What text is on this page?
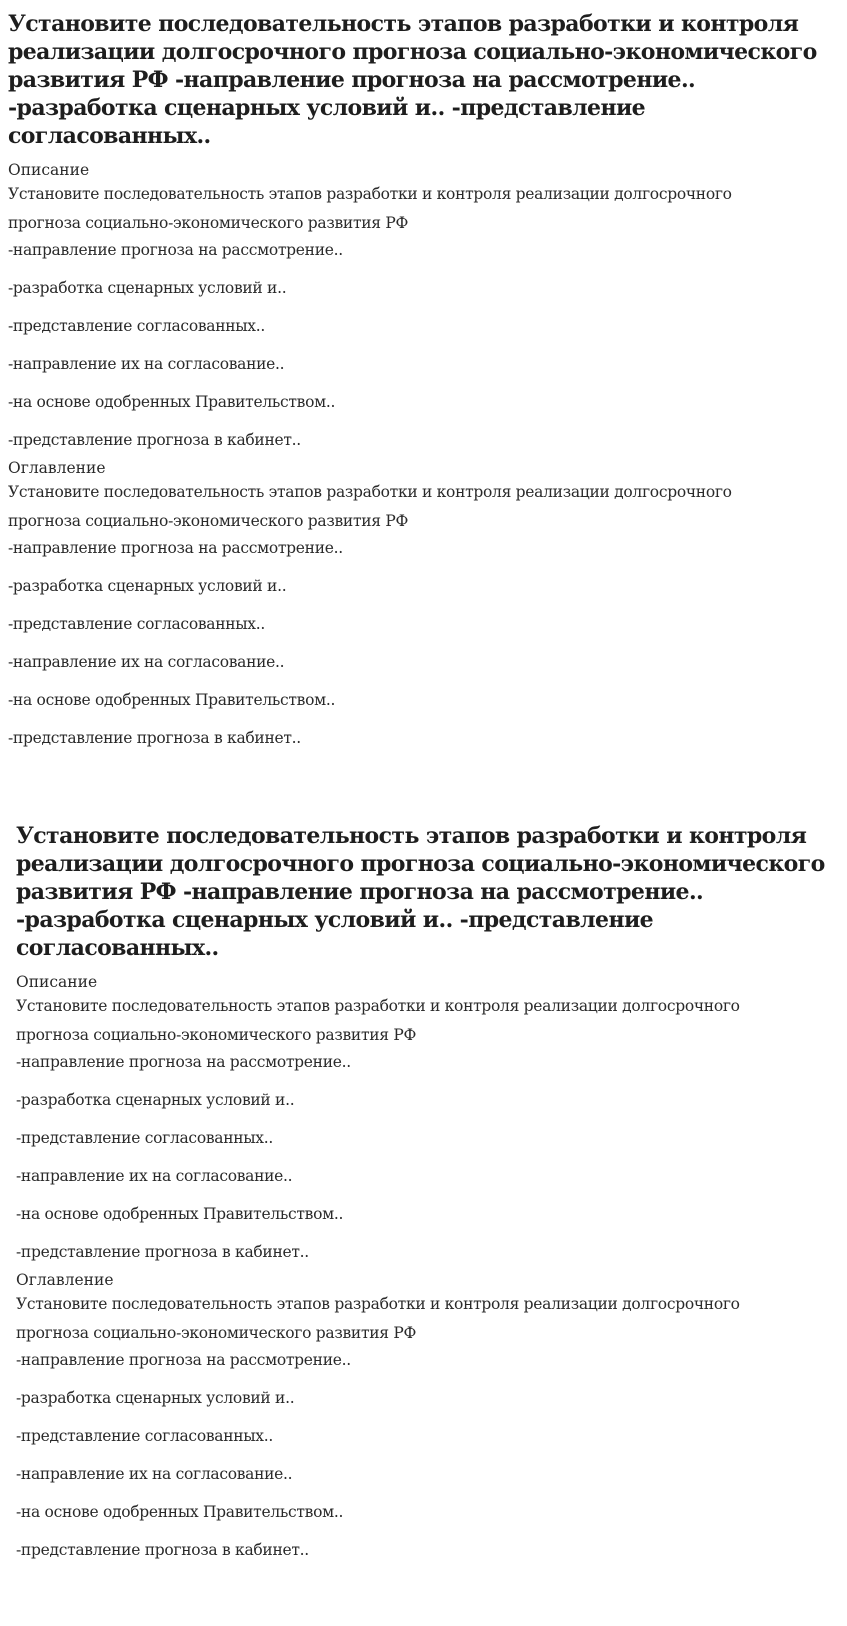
Установите последовательность этапов разработки и контроля реализации долгосрочного прогноза социально-экономического развития РФ -направление прогноза на рассмотрение.. -разработка сценарных условий и.. -представление согласованных..

Описание

Установите последовательность этапов разработки и контроля реализации долгосрочного прогноза социально-экономического развития РФ

-направление прогноза на рассмотрение..
-разработка сценарных условий и..
-представление согласованных..
-направление их на согласование..
-на основе одобренных Правительством..
-представление прогноза в кабинет..

Оглавление

Установите последовательность этапов разработки и контроля реализации долгосрочного прогноза социально-экономического развития РФ

-направление прогноза на рассмотрение..
-разработка сценарных условий и..
-представление согласованных..
-направление их на согласование..
-на основе одобренных Правительством..
-представление прогноза в кабинет..
Установите последовательность этапов разработки и контроля реализации долгосрочного прогноза социально-экономического развития РФ -направление прогноза на рассмотрение.. -разработка сценарных условий и.. -представление согласованных..

Описание

Установите последовательность этапов разработки и контроля реализации долгосрочного прогноза социально-экономического развития РФ

-направление прогноза на рассмотрение..
-разработка сценарных условий и..
-представление согласованных..
-направление их на согласование..
-на основе одобренных Правительством..
-представление прогноза в кабинет..

Оглавление

Установите последовательность этапов разработки и контроля реализации долгосрочного прогноза социально-экономического развития РФ

-направление прогноза на рассмотрение..
-разработка сценарных условий и..
-представление согласованных..
-направление их на согласование..
-на основе одобренных Правительством..
-представление прогноза в кабинет..
